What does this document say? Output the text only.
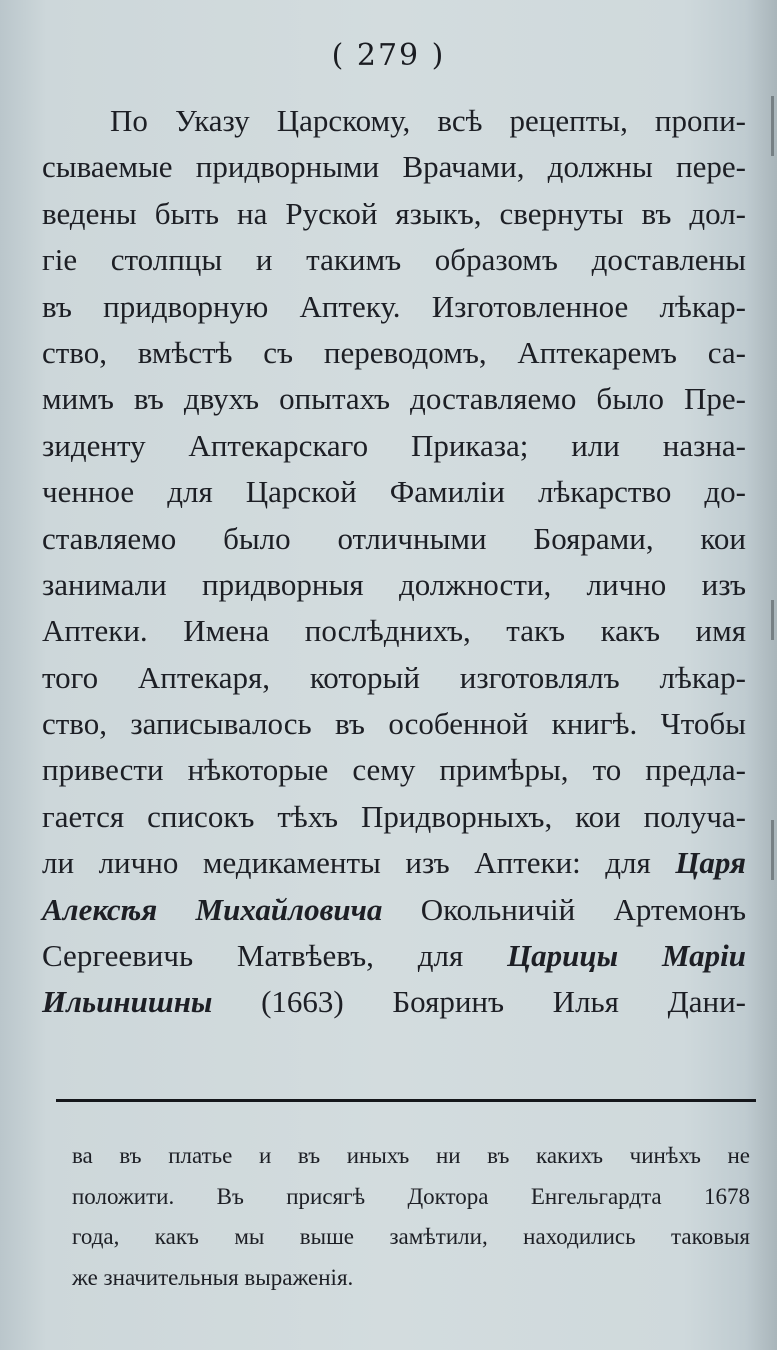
( 279 )
По Указу Царскому, всѣ рецепты, пропи-
сываемые придворными Врачами, должны пере-
ведены быть на Руской языкъ, свернуты въ дол-
гіе столпцы и такимъ образомъ доставлены
въ придворную Аптеку. Изготовленное лѣкар-
ство, вмѣстѣ съ переводомъ, Аптекаремъ са-
мимъ въ двухъ опытахъ доставляемо было Пре-
зиденту Аптекарскаго Приказа; или назна-
ченное для Царской Фамиліи лѣкарство до-
ставляемо было отличными Боярами, кои
занимали придворныя должности, лично изъ
Аптеки. Имена послѣднихъ, такъ какъ имя
того Аптекаря, который изготовлялъ лѣкар-
ство, записывалось въ особенной книгѣ. Чтобы
привести нѣкоторые сему примѣры, то предла-
гается списокъ тѣхъ Придворныхъ, кои получа-
ли лично медикаменты изъ Аптеки: для Царя
Алексѣя Михайловича Окольничій Артемонъ
Сергеевичь Матвѣевъ, для Царицы Маріи
Ильинишны (1663) Бояринъ Илья Дани-
ва въ платье и въ иныхъ ни въ какихъ чинѣхъ не
положити. Въ присягѣ Доктора Енгельгардта 1678
года, какъ мы выше замѣтили, находились таковыя
же значительныя выраженія.
